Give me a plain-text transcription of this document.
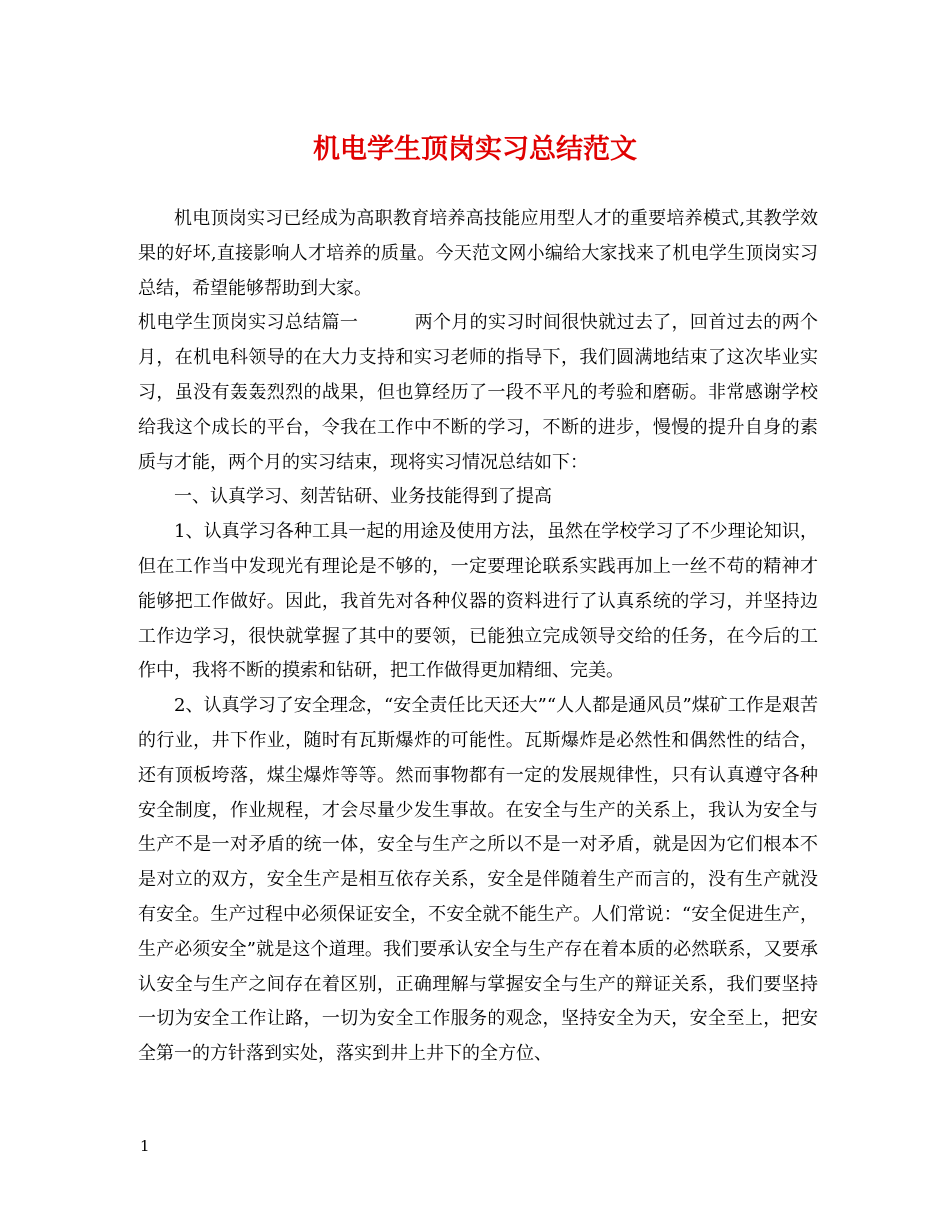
机电学生顶岗实习总结范文

机电顶岗实习已经成为高职教育培养高技能应用型人才的重要培养模式,其教学效果的好坏,直接影响人才培养的质量。今天范文网小编给大家找来了机电学生顶岗实习总结，希望能够帮助到大家。

机电学生顶岗实习总结篇一	两个月的实习时间很快就过去了，回首过去的两个月，在机电科领导的在大力支持和实习老师的指导下，我们圆满地结束了这次毕业实习，虽没有轰轰烈烈的战果，但也算经历了一段不平凡的考验和磨砺。非常感谢学校给我这个成长的平台，令我在工作中不断的学习，不断的进步，慢慢的提升自身的素质与才能，两个月的实习结束，现将实习情况总结如下：

一、认真学习、刻苦钻研、业务技能得到了提高

1、认真学习各种工具一起的用途及使用方法，虽然在学校学习了不少理论知识，但在工作当中发现光有理论是不够的，一定要理论联系实践再加上一丝不苟的精神才能够把工作做好。因此，我首先对各种仪器的资料进行了认真系统的学习，并坚持边工作边学习，很快就掌握了其中的要领，已能独立完成领导交给的任务，在今后的工作中，我将不断的摸索和钻研，把工作做得更加精细、完美。

2、认真学习了安全理念，“安全责任比天还大”“人人都是通风员”煤矿工作是艰苦的行业，井下作业，随时有瓦斯爆炸的可能性。瓦斯爆炸是必然性和偶然性的结合，还有顶板垮落，煤尘爆炸等等。然而事物都有一定的发展规律性，只有认真遵守各种安全制度，作业规程，才会尽量少发生事故。在安全与生产的关系上，我认为安全与生产不是一对矛盾的统一体，安全与生产之所以不是一对矛盾，就是因为它们根本不是对立的双方，安全生产是相互依存关系，安全是伴随着生产而言的，没有生产就没有安全。生产过程中必须保证安全，不安全就不能生产。人们常说：“安全促进生产，生产必须安全”就是这个道理。我们要承认安全与生产存在着本质的必然联系，又要承认安全与生产之间存在着区别，正确理解与掌握安全与生产的辩证关系，我们要坚持一切为安全工作让路，一切为安全工作服务的观念，坚持安全为天，安全至上，把安全第一的方针落到实处，落实到井上井下的全方位、

1
